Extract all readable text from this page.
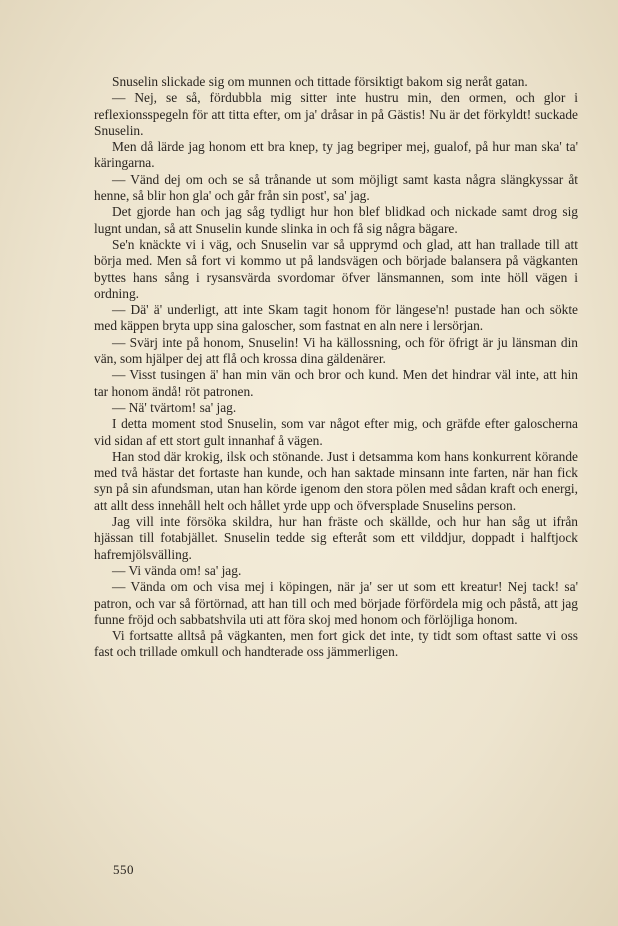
Snuselin slickade sig om munnen och tittade försiktigt bakom sig neråt gatan.

— Nej, se så, fördubbla mig sitter inte hustru min, den ormen, och glor i reflexionsspegeln för att titta efter, om ja' dråsar in på Gästis! Nu är det förkyldt! suckade Snuselin.

Men då lärde jag honom ett bra knep, ty jag begriper mej, gualof, på hur man ska' ta' käringarna.

— Vänd dej om och se så trånande ut som möjligt samt kasta några slängkyssar åt henne, så blir hon gla' och går från sin post', sa' jag.

Det gjorde han och jag såg tydligt hur hon blef blidkad och nickade samt drog sig lugnt undan, så att Snuselin kunde slinka in och få sig några bägare.

Se'n knäckte vi i väg, och Snuselin var så upprymd och glad, att han trallade till att börja med. Men så fort vi kommo ut på landsvägen och började balansera på vägkanten byttes hans sång i rysansvärda svordomar öfver länsmannen, som inte höll vägen i ordning.

— Dä' ä' underligt, att inte Skam tagit honom för längese'n! pustade han och sökte med käppen bryta upp sina galoscher, som fastnat en aln nere i lersörjan.

— Svärj inte på honom, Snuselin! Vi ha källossning, och för öfrigt är ju länsman din vän, som hjälper dej att flå och krossa dina gäldenärer.

— Visst tusingen ä' han min vän och bror och kund. Men det hindrar väl inte, att hin tar honom ändå! röt patronen.

— Nä' tvärtom! sa' jag.

I detta moment stod Snuselin, som var något efter mig, och gräfde efter galoscherna vid sidan af ett stort gult innanhaf å vägen.

Han stod där krokig, ilsk och stönande. Just i detsamma kom hans konkurrent körande med två hästar det fortaste han kunde, och han saktade minsann inte farten, när han fick syn på sin afundsman, utan han körde igenom den stora pölen med sådan kraft och energi, att allt dess innehåll helt och hållet yrde upp och öfversplade Snuselins person.

Jag vill inte försöka skildra, hur han fräste och skällde, och hur han såg ut ifrån hjässan till fotabjället. Snuselin tedde sig efteråt som ett vilddjur, doppadt i halftjock hafremjölsvälling.

— Vi vända om! sa' jag.

— Vända om och visa mej i köpingen, när ja' ser ut som ett kreatur! Nej tack! sa' patron, och var så förtörnad, att han till och med började förfördela mig och påstå, att jag funne fröjd och sabbatshvila uti att föra skoj med honom och förlöjliga honom.

Vi fortsatte alltså på vägkanten, men fort gick det inte, ty tidt som oftast satte vi oss fast och trillade omkull och handterade oss jämmerligen.

550
